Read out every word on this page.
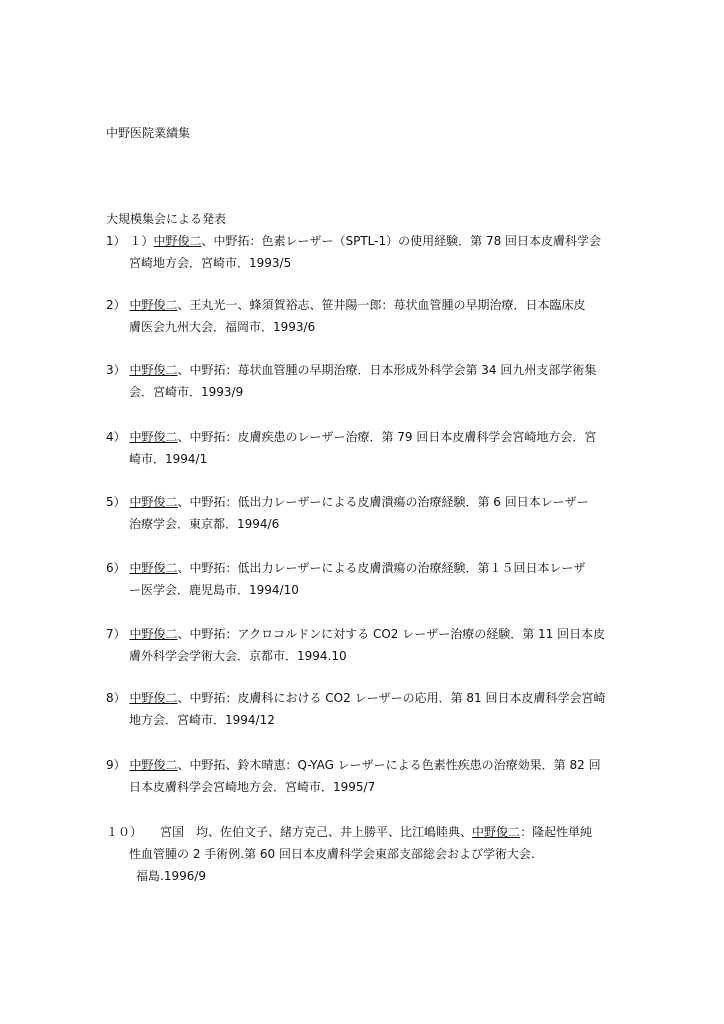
中野医院業績集
大規模集会による発表
1） １）中野俊二、中野拓：色素レーザー（SPTL-1）の使用経験．第 78 回日本皮膚科学会
宮崎地方会．宮崎市．1993/5
2） 中野俊二、王丸光一、蜂須賀裕志、笹井陽一郎：苺状血管腫の早期治療．日本臨床皮
膚医会九州大会．福岡市．1993/6
3） 中野俊二、中野拓：苺状血管腫の早期治療．日本形成外科学会第 34 回九州支部学術集
会．宮崎市．1993/9
4） 中野俊二、中野拓：皮膚疾患のレーザー治療．第 79 回日本皮膚科学会宮崎地方会．宮
崎市．1994/1
5） 中野俊二、中野拓：低出力レーザーによる皮膚潰瘍の治療経験．第 6 回日本レーザー
治療学会．東京都．1994/6
6） 中野俊二、中野拓：低出力レーザーによる皮膚潰瘍の治療経験．第１５回日本レーザ
ー医学会．鹿児島市．1994/10
7） 中野俊二、中野拓：アクロコルドンに対する CO2 レーザー治療の経験．第 11 回日本皮
膚外科学会学術大会．京都市．1994.10
8） 中野俊二、中野拓：皮膚科における CO2 レーザーの応用．第 81 回日本皮膚科学会宮崎
地方会．宮崎市．1994/12
9） 中野俊二、中野拓、鈴木晴恵：Q-YAG レーザーによる色素性疾患の治療効果．第 82 回
日本皮膚科学会宮崎地方会．宮崎市．1995/7
１０）　　 宮国　均、佐伯文子、緒方克己、井上勝平、比江嶋睦典、中野俊二：隆起性単純
性血管腫の 2 手術例.第 60 回日本皮膚科学会東部支部総会および学術大会.
福島.1996/9
